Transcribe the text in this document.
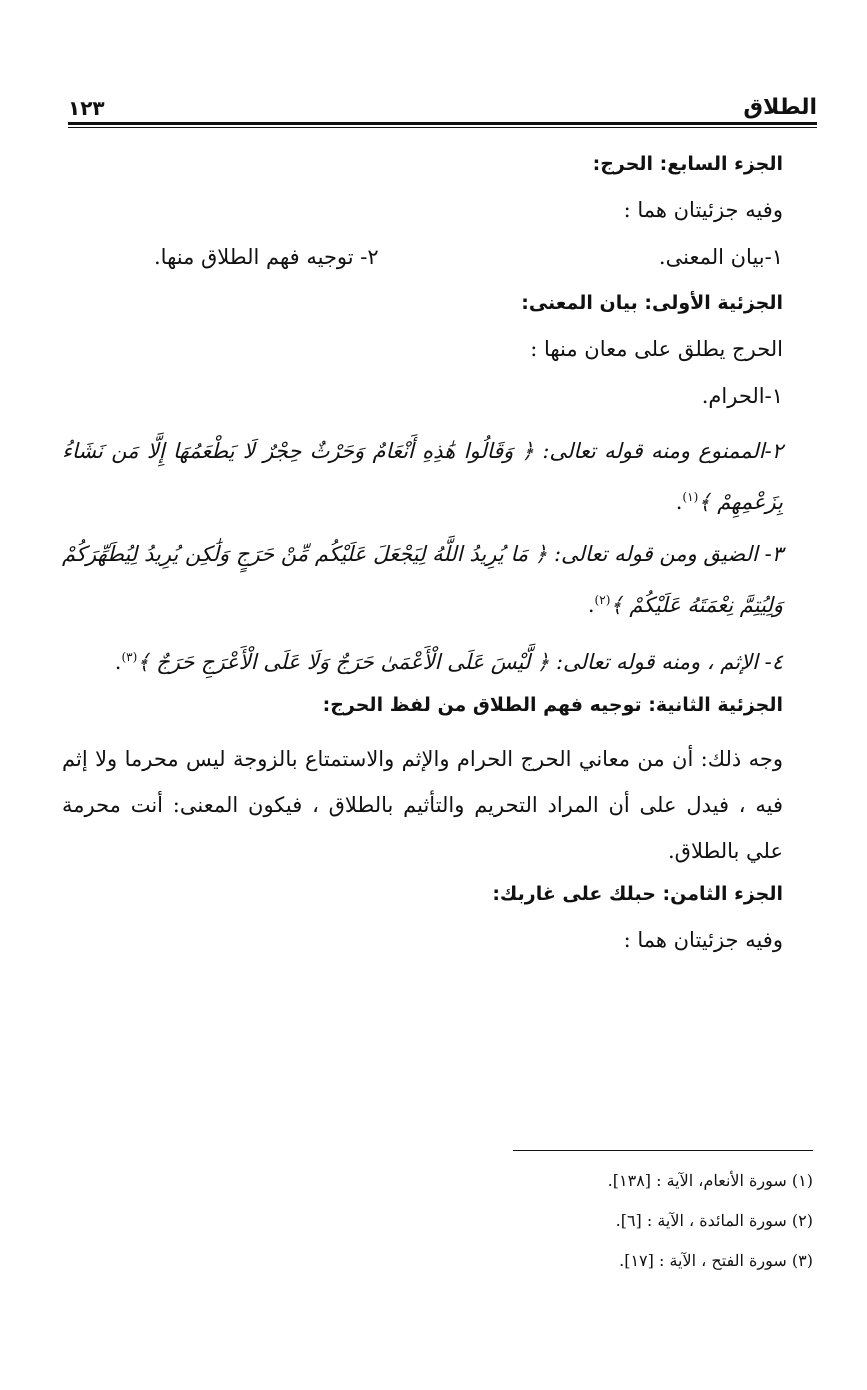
الطلاق
١٢٣
الجزء السابع: الحرج:
وفيه جزئيتان هما :
١-بيان المعنى.
٢- توجيه فهم الطلاق منها.
الجزئية الأولى: بيان المعنى:
الحرج يطلق على معان منها :
١-الحرام.
٢-الممنوع ومنه قوله تعالى: ﴿ وَقَالُوا هَٰذِهِ أَنْعَامٌ وَحَرْثٌ حِجْرٌ لَا يَطْعَمُهَا إِلَّا مَن نَشَاءُ بِزَعْمِهِمْ ﴾$^{(١)}$.
٣- الضيق ومن قوله تعالى: ﴿ مَا يُرِيدُ اللَّهُ لِيَجْعَلَ عَلَيْكُم مِّنْ حَرَجٍ وَلَٰكِن يُرِيدُ لِيُطَهِّرَكُمْ وَلِيُتِمَّ نِعْمَتَهُ عَلَيْكُمْ ﴾$^{(٢)}$.
٤- الإثم ، ومنه قوله تعالى: ﴿ لَّيْسَ عَلَى الْأَعْمَىٰ حَرَجٌ وَلَا عَلَى الْأَعْرَجِ حَرَجٌ ﴾$^{(٣)}$.
الجزئية الثانية: توجيه فهم الطلاق من لفظ الحرج:
وجه ذلك: أن من معاني الحرج الحرام والإثم والاستمتاع بالزوجة ليس محرما ولا إثم فيه ، فيدل على أن المراد التحريم والتأثيم بالطلاق ، فيكون المعنى: أنت محرمة علي بالطلاق.
الجزء الثامن: حبلك على غاربك:
وفيه جزئيتان هما :
(١) سورة الأنعام، الآية : [١٣٨].
(٢) سورة المائدة ، الآية : [٦].
(٣) سورة الفتح ، الآية : [١٧].
